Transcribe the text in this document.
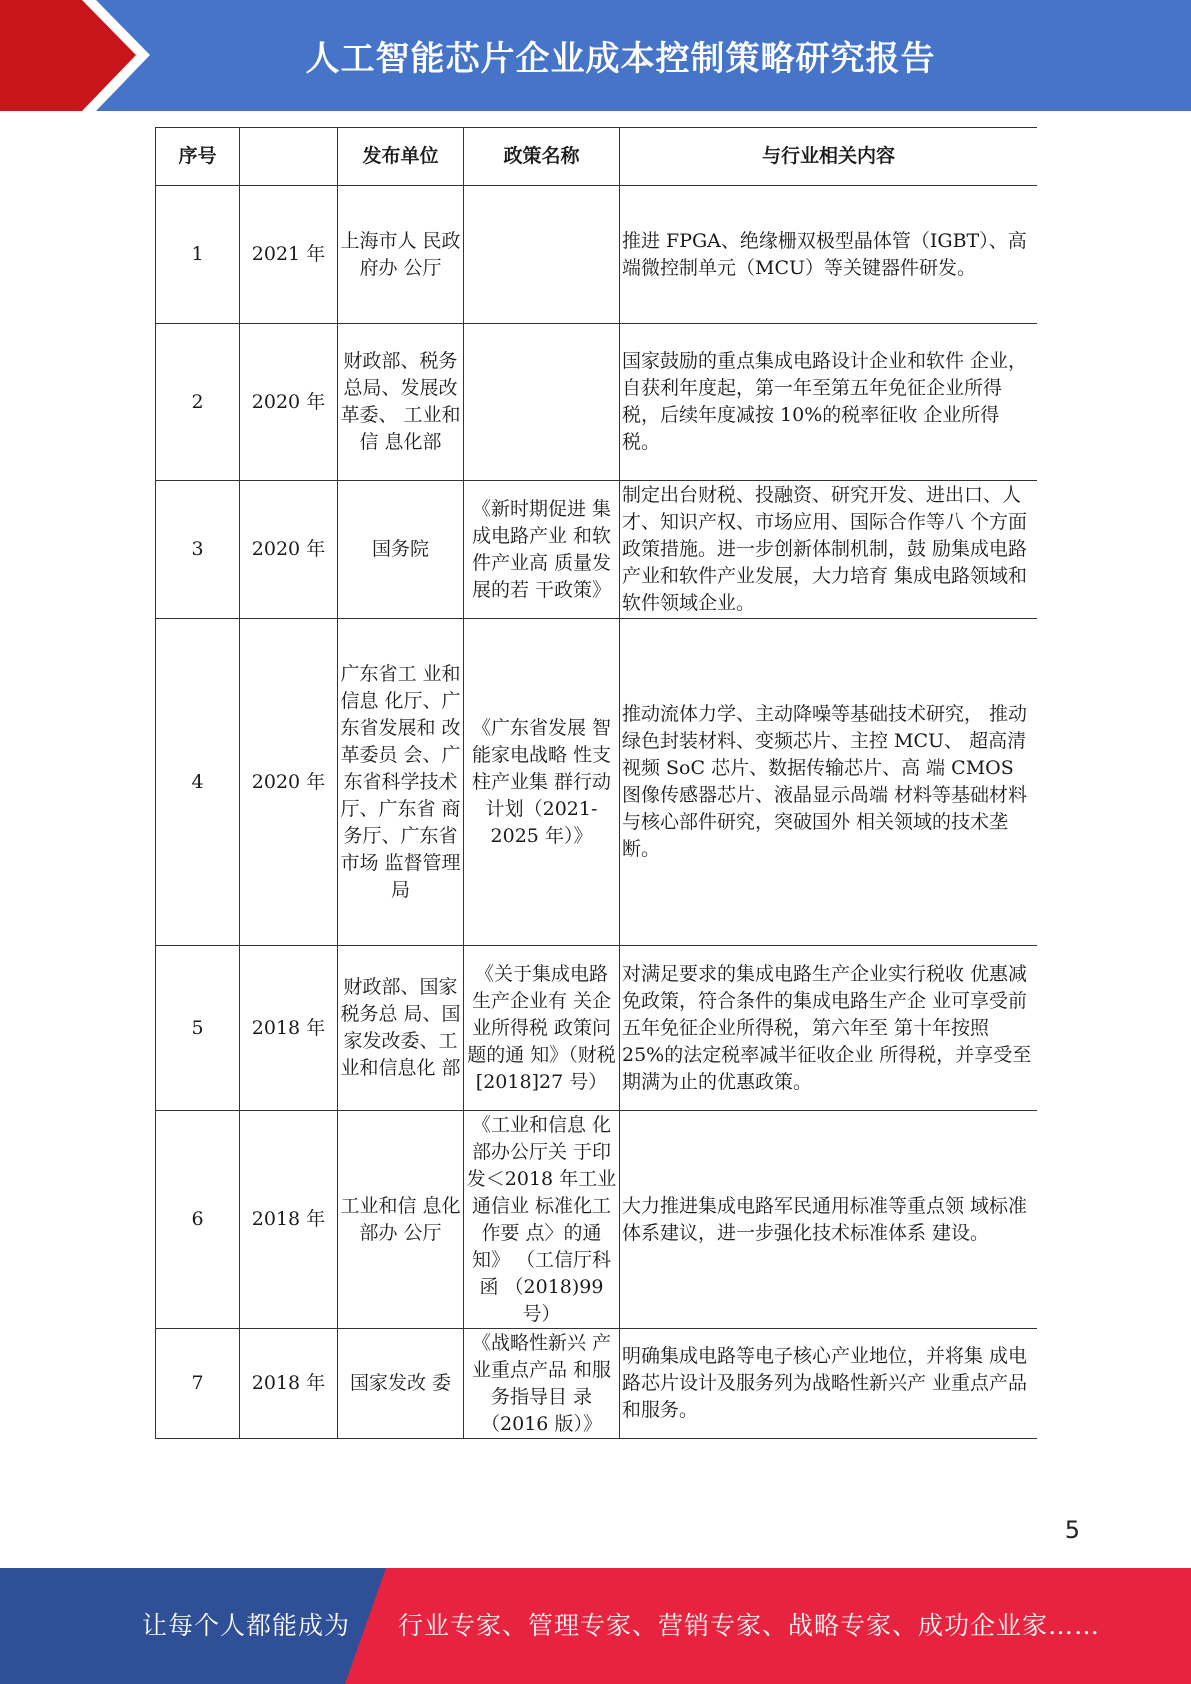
人工智能芯片企业成本控制策略研究报告
序号		发布单位	政策名称	与行业相关内容
1	2021 年	上海市人 民政府办 公厅		推进 FPGA、绝缘栅双极型晶体管（IGBT）、高端微控制单元（MCU）等关键器件研发。
2	2020 年	财政部、税务总局、发展改革委、 工业和信 息化部		国家鼓励的重点集成电路设计企业和软件 企业，自获利年度起，第一年至第五年免征企业所得税，后续年度减按 10%的税率征收 企业所得税。
3	2020 年	国务院	《新时期促进 集成电路产业 和软件产业高 质量发展的若 干政策》	制定出台财税、投融资、研究开发、进出口、人才、知识产权、市场应用、国际合作等八 个方面政策措施。进一步创新体制机制，鼓 励集成电路产业和软件产业发展，大力培育 集成电路领域和软件领域企业。
4	2020 年	广东省工 业和信息 化厅、广东省发展和 改革委员 会、广东省科学技术 厅、广东省 商务厅、广东省市场 监督管理 局	《广东省发展 智能家电战略 性支柱产业集 群行动计划（2021-2025 年）》	推动流体力学、主动降噪等基础技术研究， 推动绿色封装材料、变频芯片、主控 MCU、 超高清视频 SoC 芯片、数据传输芯片、高 端 CMOS 图像传感器芯片、液晶显示咼端 材料等基础材料与核心部件研究，突破国外 相关领域的技术垄断。
5	2018 年	财政部、国家税务总 局、国家发改委、工业和信息化 部	《关于集成电路生产企业有 关企业所得税 政策问题的通 知》（财税[2018]27 号）	对满足要求的集成电路生产企业实行税收 优惠减免政策，符合条件的集成电路生产企 业可享受前五年免征企业所得税，第六年至 第十年按照 25%的法定税率减半征收企业 所得税，并享受至期满为止的优惠政策。
6	2018 年	工业和信 息化部办 公厅	《工业和信息 化部办公厅关 于印发＜2018 年工业通信业 标准化工作要 点〉的通知》 （工信厅科函 （2018)99 号）	大力推进集成电路军民通用标准等重点领 域标准体系建议，进一步强化技术标准体系 建设。
7	2018 年	国家发改 委	《战略性新兴 产业重点产品 和服务指导目 录（2016 版）》	明确集成电路等电子核心产业地位，并将集 成电路芯片设计及服务列为战略性新兴产 业重点产品和服务。
5
让每个人都能成为 行业专家、管理专家、营销专家、战略专家、成功企业家……
